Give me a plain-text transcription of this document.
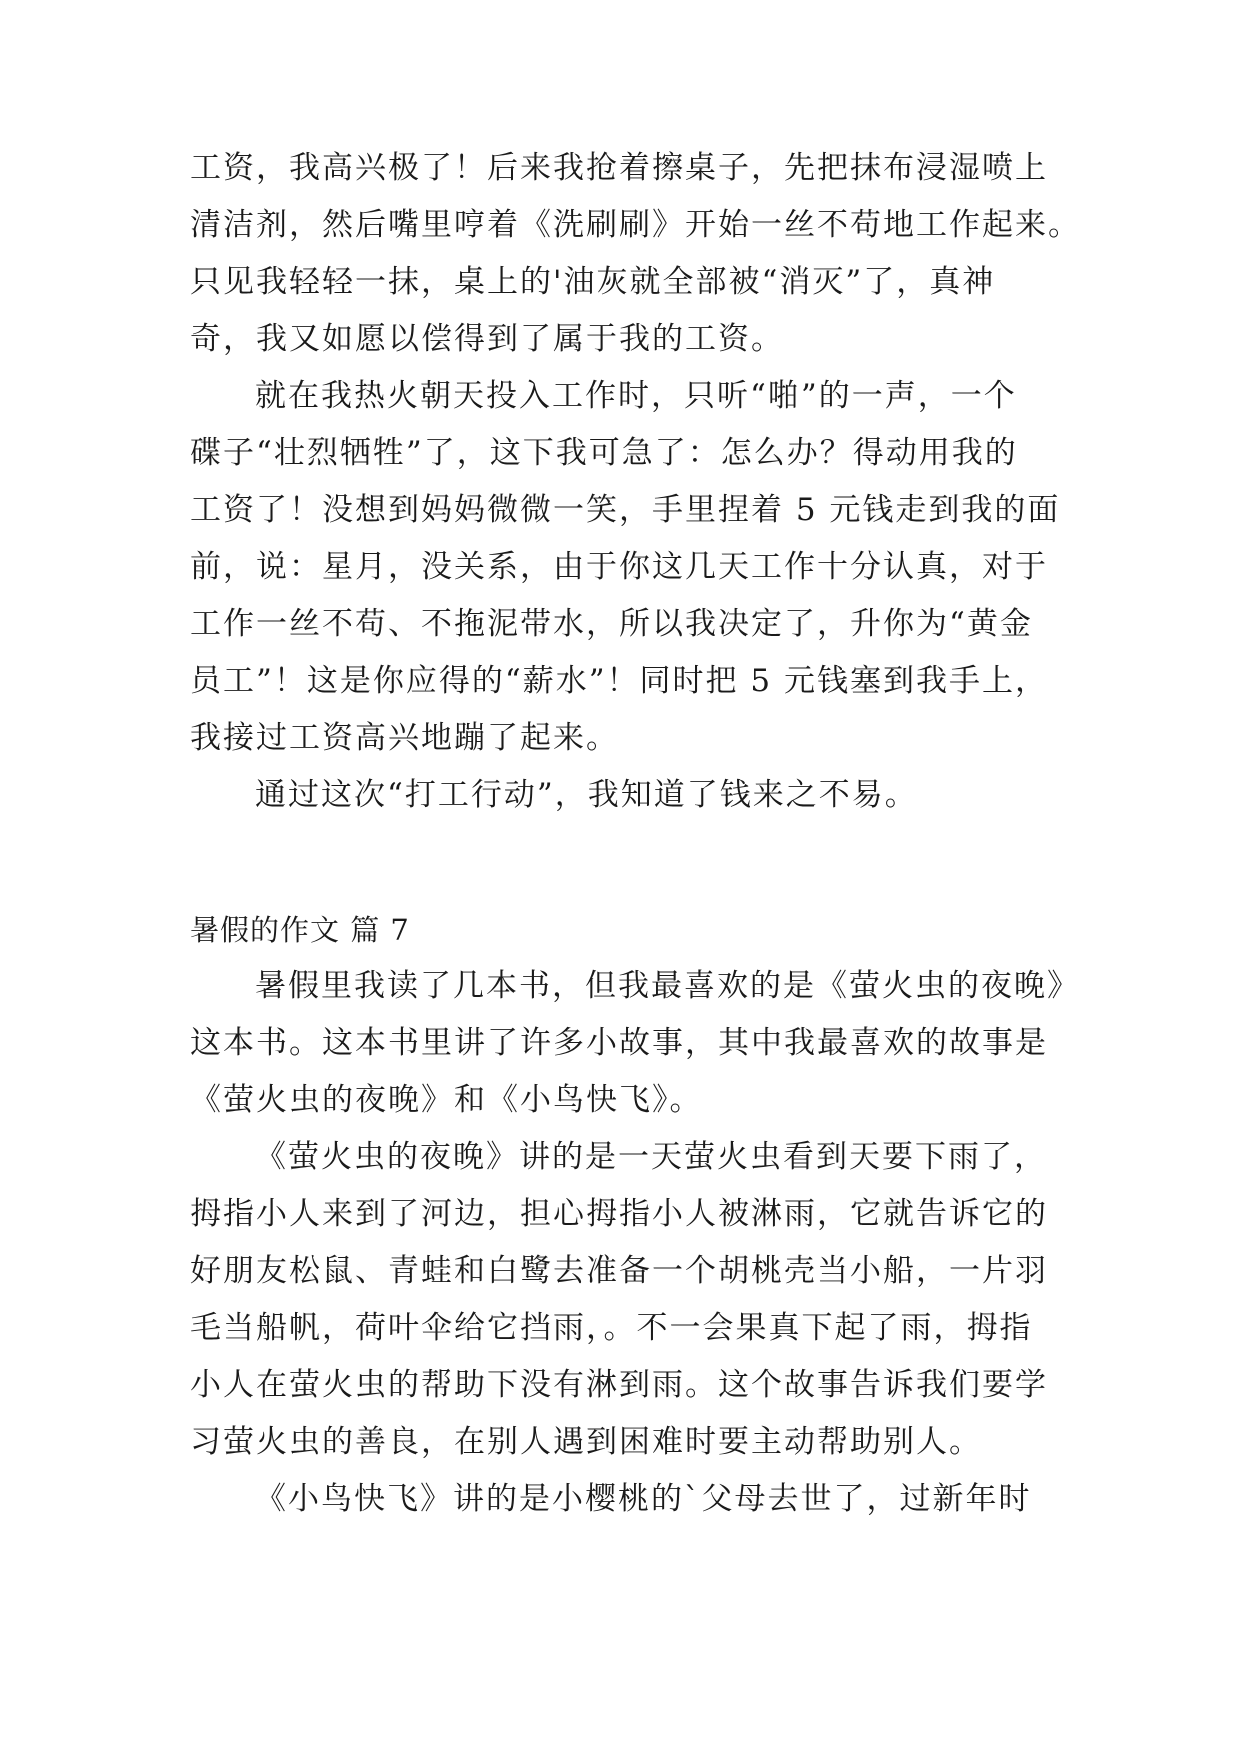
工资，我高兴极了！后来我抢着擦桌子，先把抹布浸湿喷上
清洁剂，然后嘴里哼着《洗刷刷》开始一丝不苟地工作起来。
只见我轻轻一抹，桌上的'油灰就全部被“消灭”了，真神
奇，我又如愿以偿得到了属于我的工资。
就在我热火朝天投入工作时，只听“啪”的一声，一个
碟子“壮烈牺牲”了，这下我可急了：怎么办？得动用我的
工资了！没想到妈妈微微一笑，手里捏着 5 元钱走到我的面
前，说：星月，没关系，由于你这几天工作十分认真，对于
工作一丝不苟、不拖泥带水，所以我决定了，升你为“黄金
员工”！这是你应得的“薪水”！同时把 5 元钱塞到我手上，
我接过工资高兴地蹦了起来。
通过这次“打工行动”，我知道了钱来之不易。
暑假的作文 篇 7
暑假里我读了几本书，但我最喜欢的是《萤火虫的夜晚》
这本书。这本书里讲了许多小故事，其中我最喜欢的故事是
《萤火虫的夜晚》和《小鸟快飞》。
《萤火虫的夜晚》讲的是一天萤火虫看到天要下雨了，
拇指小人来到了河边，担心拇指小人被淋雨，它就告诉它的
好朋友松鼠、青蛙和白鹭去准备一个胡桃壳当小船，一片羽
毛当船帆，荷叶伞给它挡雨，。不一会果真下起了雨，拇指
小人在萤火虫的帮助下没有淋到雨。这个故事告诉我们要学
习萤火虫的善良，在别人遇到困难时要主动帮助别人。
《小鸟快飞》讲的是小樱桃的`父母去世了，过新年时
